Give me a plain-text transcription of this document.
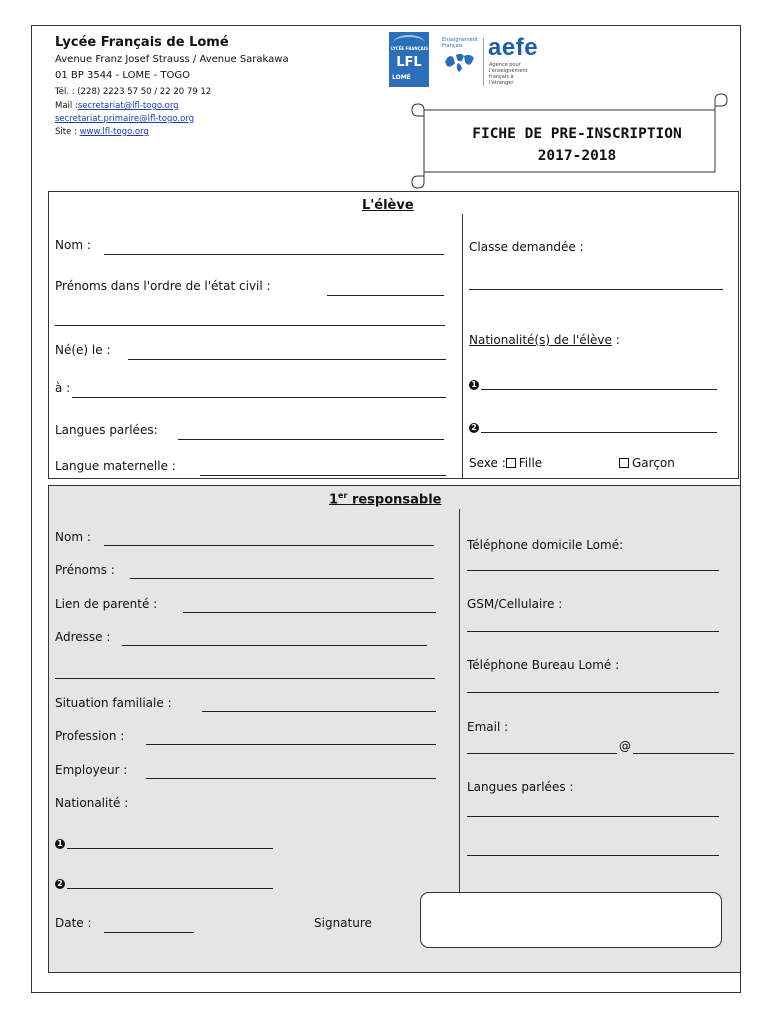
Lycée Français de Lomé
Avenue Franz Josef Strauss / Avenue Sarakawa
01 BP 3544 - LOME - TOGO
Tél. : (228) 2223 57 50 / 22 20 79 12
Mail :secretariat@lfl-togo.org
secretariat.primaire@lfl-togo.org
Site : www.lfl-togo.org
LYCÉE FRANÇAIS
LFL
LOMÉ
Enseignement Français	aefe
Agence pour l'enseignement français à l'étranger
FICHE DE PRE-INSCRIPTION
2017-2018
L'élève
Nom :
Prénoms dans l'ordre de l'état civil :
Né(e) le :
à :
Langues parlées:
Langue maternelle :
Classe demandée :
Nationalité(s) de l'élève :
1
2
Sexe : Fille	Garçon
1er responsable
Nom :
Prénoms :
Lien de parenté :
Adresse :
Situation familiale :
Profession :
Employeur :
Nationalité :
1
2
Date :	Signature
Téléphone domicile Lomé:
GSM/Cellulaire :
Téléphone Bureau Lomé :
Email :
@
Langues parlées :
